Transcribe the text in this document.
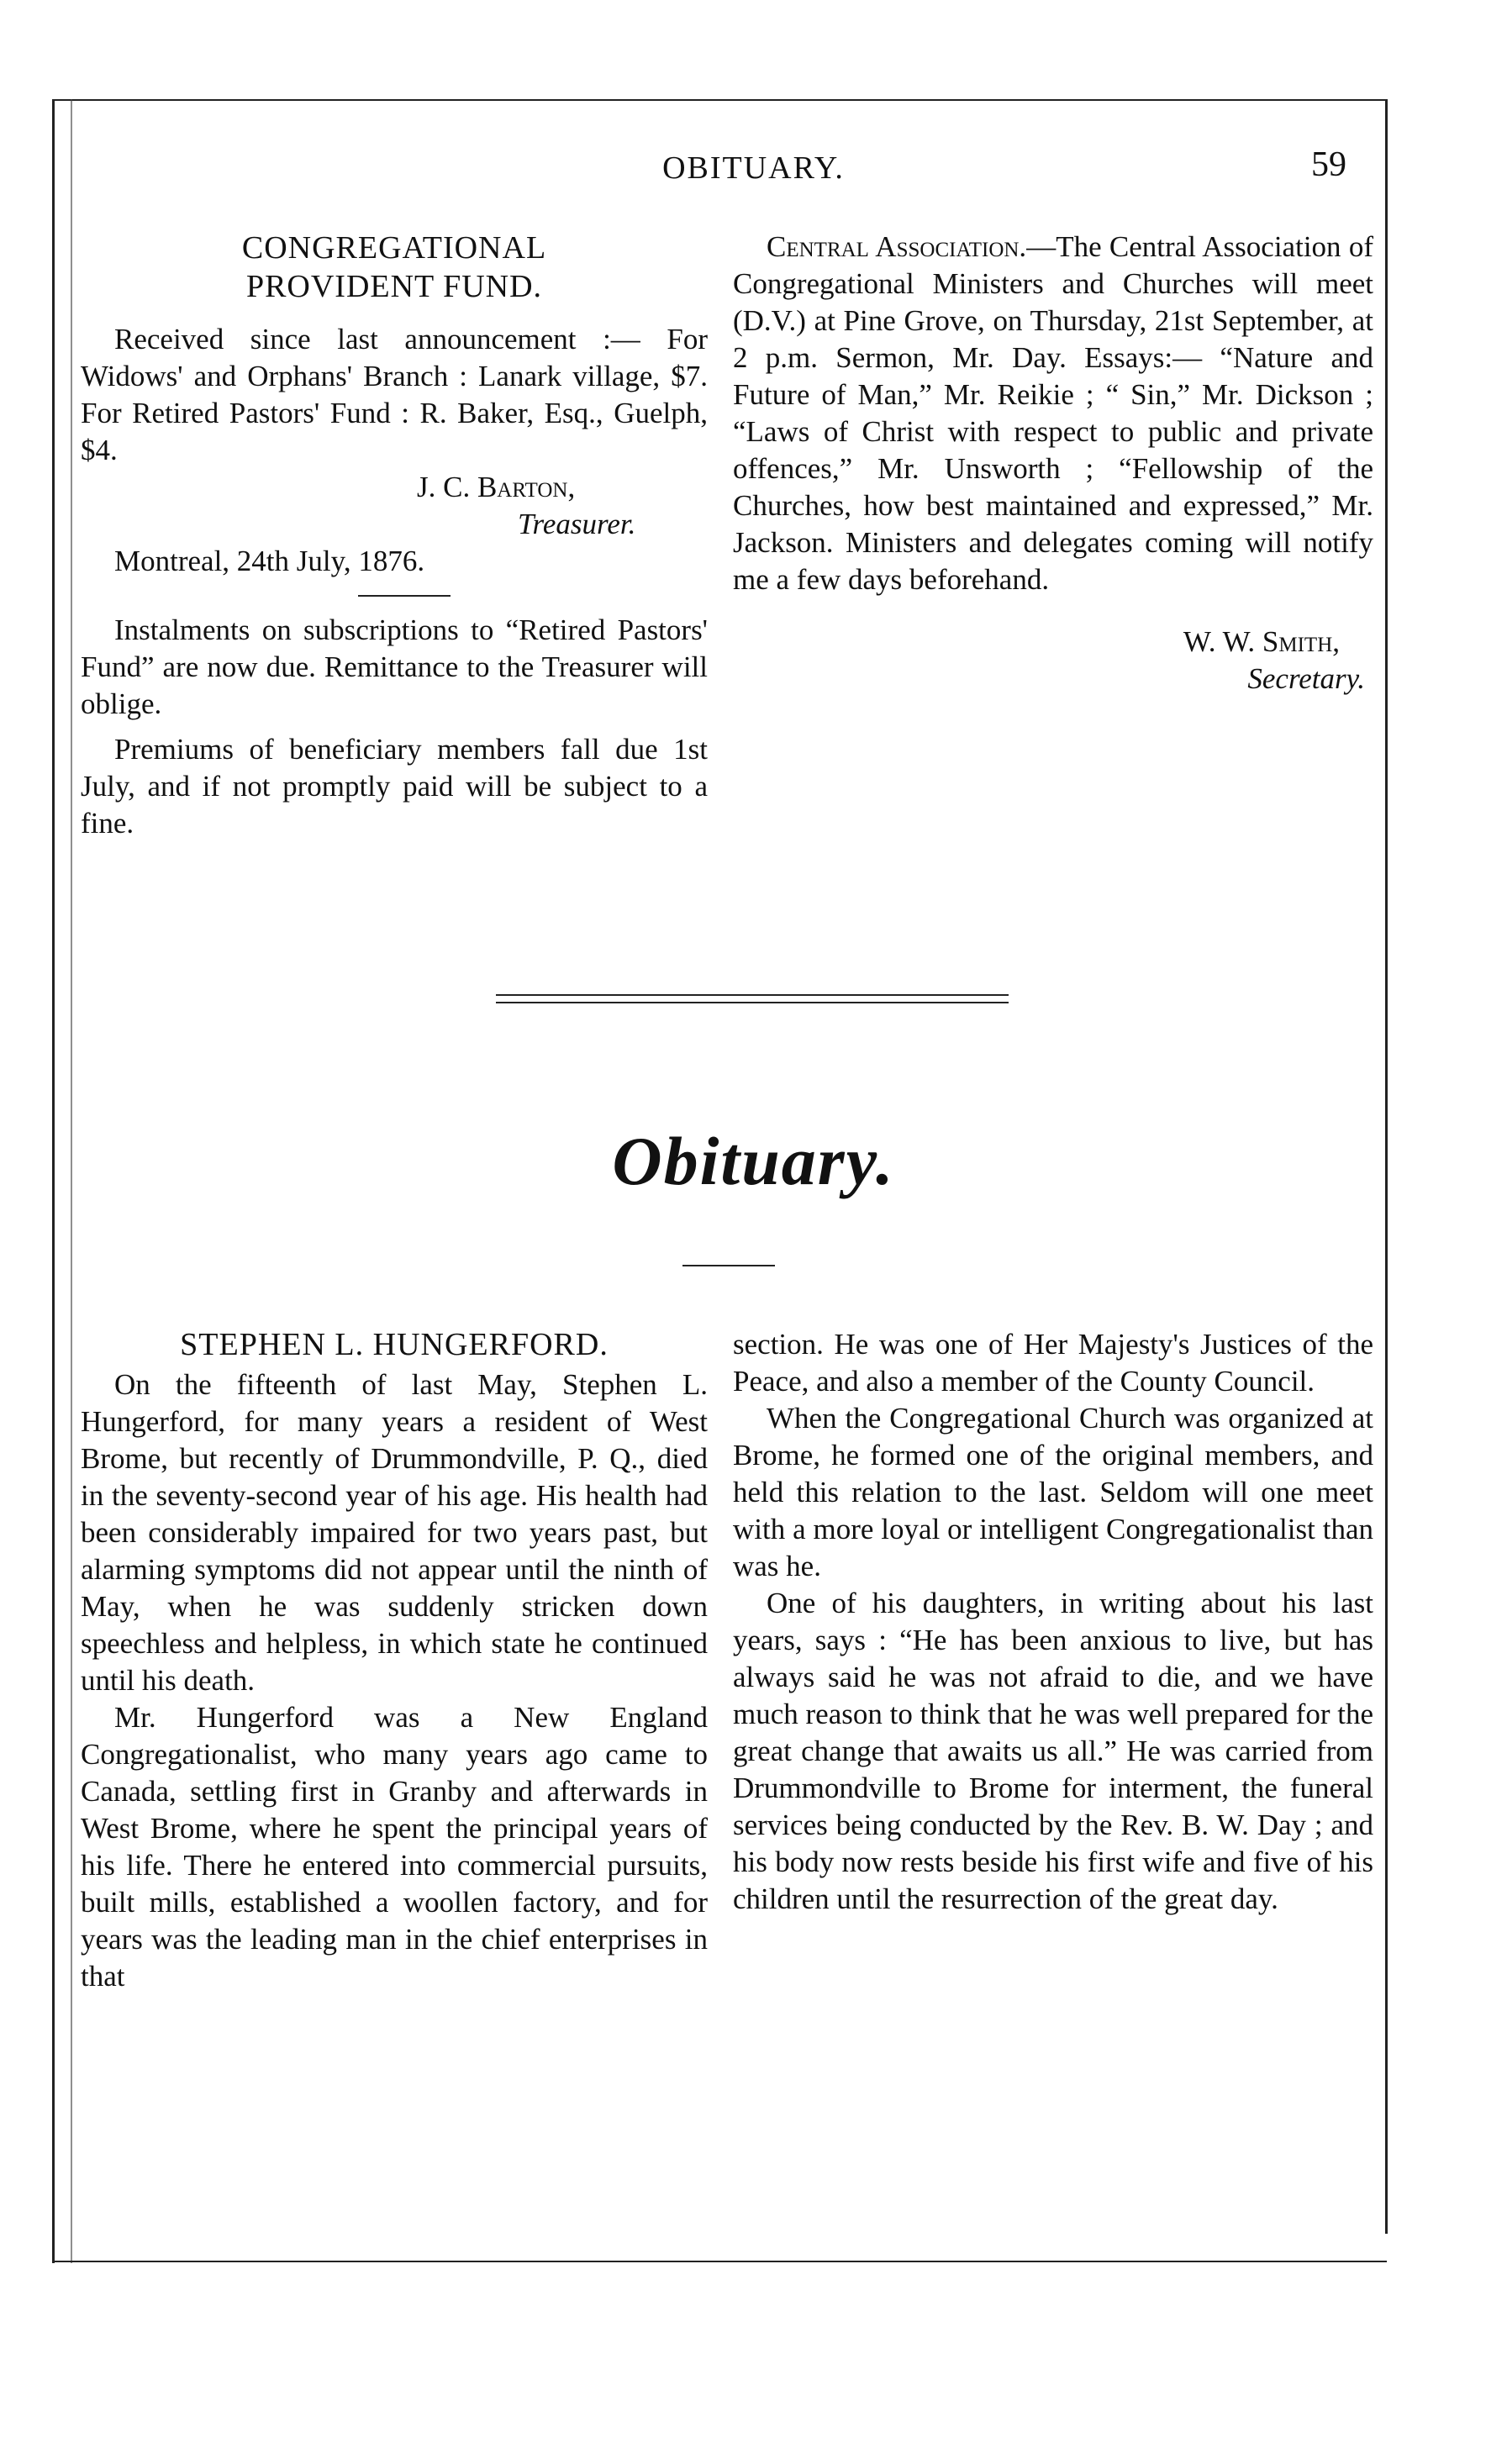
OBITUARY.	59
CONGREGATIONAL PROVIDENT FUND.

Received since last announcement :— For Widows' and Orphans' Branch : Lanark village, $7. For Retired Pastors' Fund : R. Baker, Esq., Guelph, $4.

J. C. Barton,

Treasurer.

Montreal, 24th July, 1876.

Instalments on subscriptions to “Retired Pastors' Fund” are now due. Remittance to the Treasurer will oblige.

Premiums of beneficiary members fall due 1st July, and if not promptly paid will be subject to a fine.

Central Association.—The Central Association of Congregational Ministers and Churches will meet (D.V.) at Pine Grove, on Thursday, 21st September, at 2 p.m. Sermon, Mr. Day. Essays:— “Nature and Future of Man,” Mr. Reikie ; “ Sin,” Mr. Dickson ; “Laws of Christ with respect to public and private offences,” Mr. Unsworth ; “Fellowship of the Churches, how best maintained and expressed,” Mr. Jackson. Ministers and delegates coming will notify me a few days beforehand.

W. W. Smith,

Secretary.

Obituary.
STEPHEN L. HUNGERFORD.

On the fifteenth of last May, Stephen L. Hungerford, for many years a resident of West Brome, but recently of Drummondville, P. Q., died in the seventy-second year of his age. His health had been considerably impaired for two years past, but alarming symptoms did not appear until the ninth of May, when he was suddenly stricken down speechless and helpless, in which state he continued until his death.

Mr. Hungerford was a New England Congregationalist, who many years ago came to Canada, settling first in Granby and afterwards in West Brome, where he spent the principal years of his life. There he entered into commercial pursuits, built mills, established a woollen factory, and for years was the leading man in the chief enterprises in that

section. He was one of Her Majesty's Justices of the Peace, and also a member of the County Council.

When the Congregational Church was organized at Brome, he formed one of the original members, and held this relation to the last. Seldom will one meet with a more loyal or intelligent Congregationalist than was he.

One of his daughters, in writing about his last years, says : “He has been anxious to live, but has always said he was not afraid to die, and we have much reason to think that he was well prepared for the great change that awaits us all.” He was carried from Drummondville to Brome for interment, the funeral services being conducted by the Rev. B. W. Day ; and his body now rests beside his first wife and five of his children until the resurrection of the great day.
